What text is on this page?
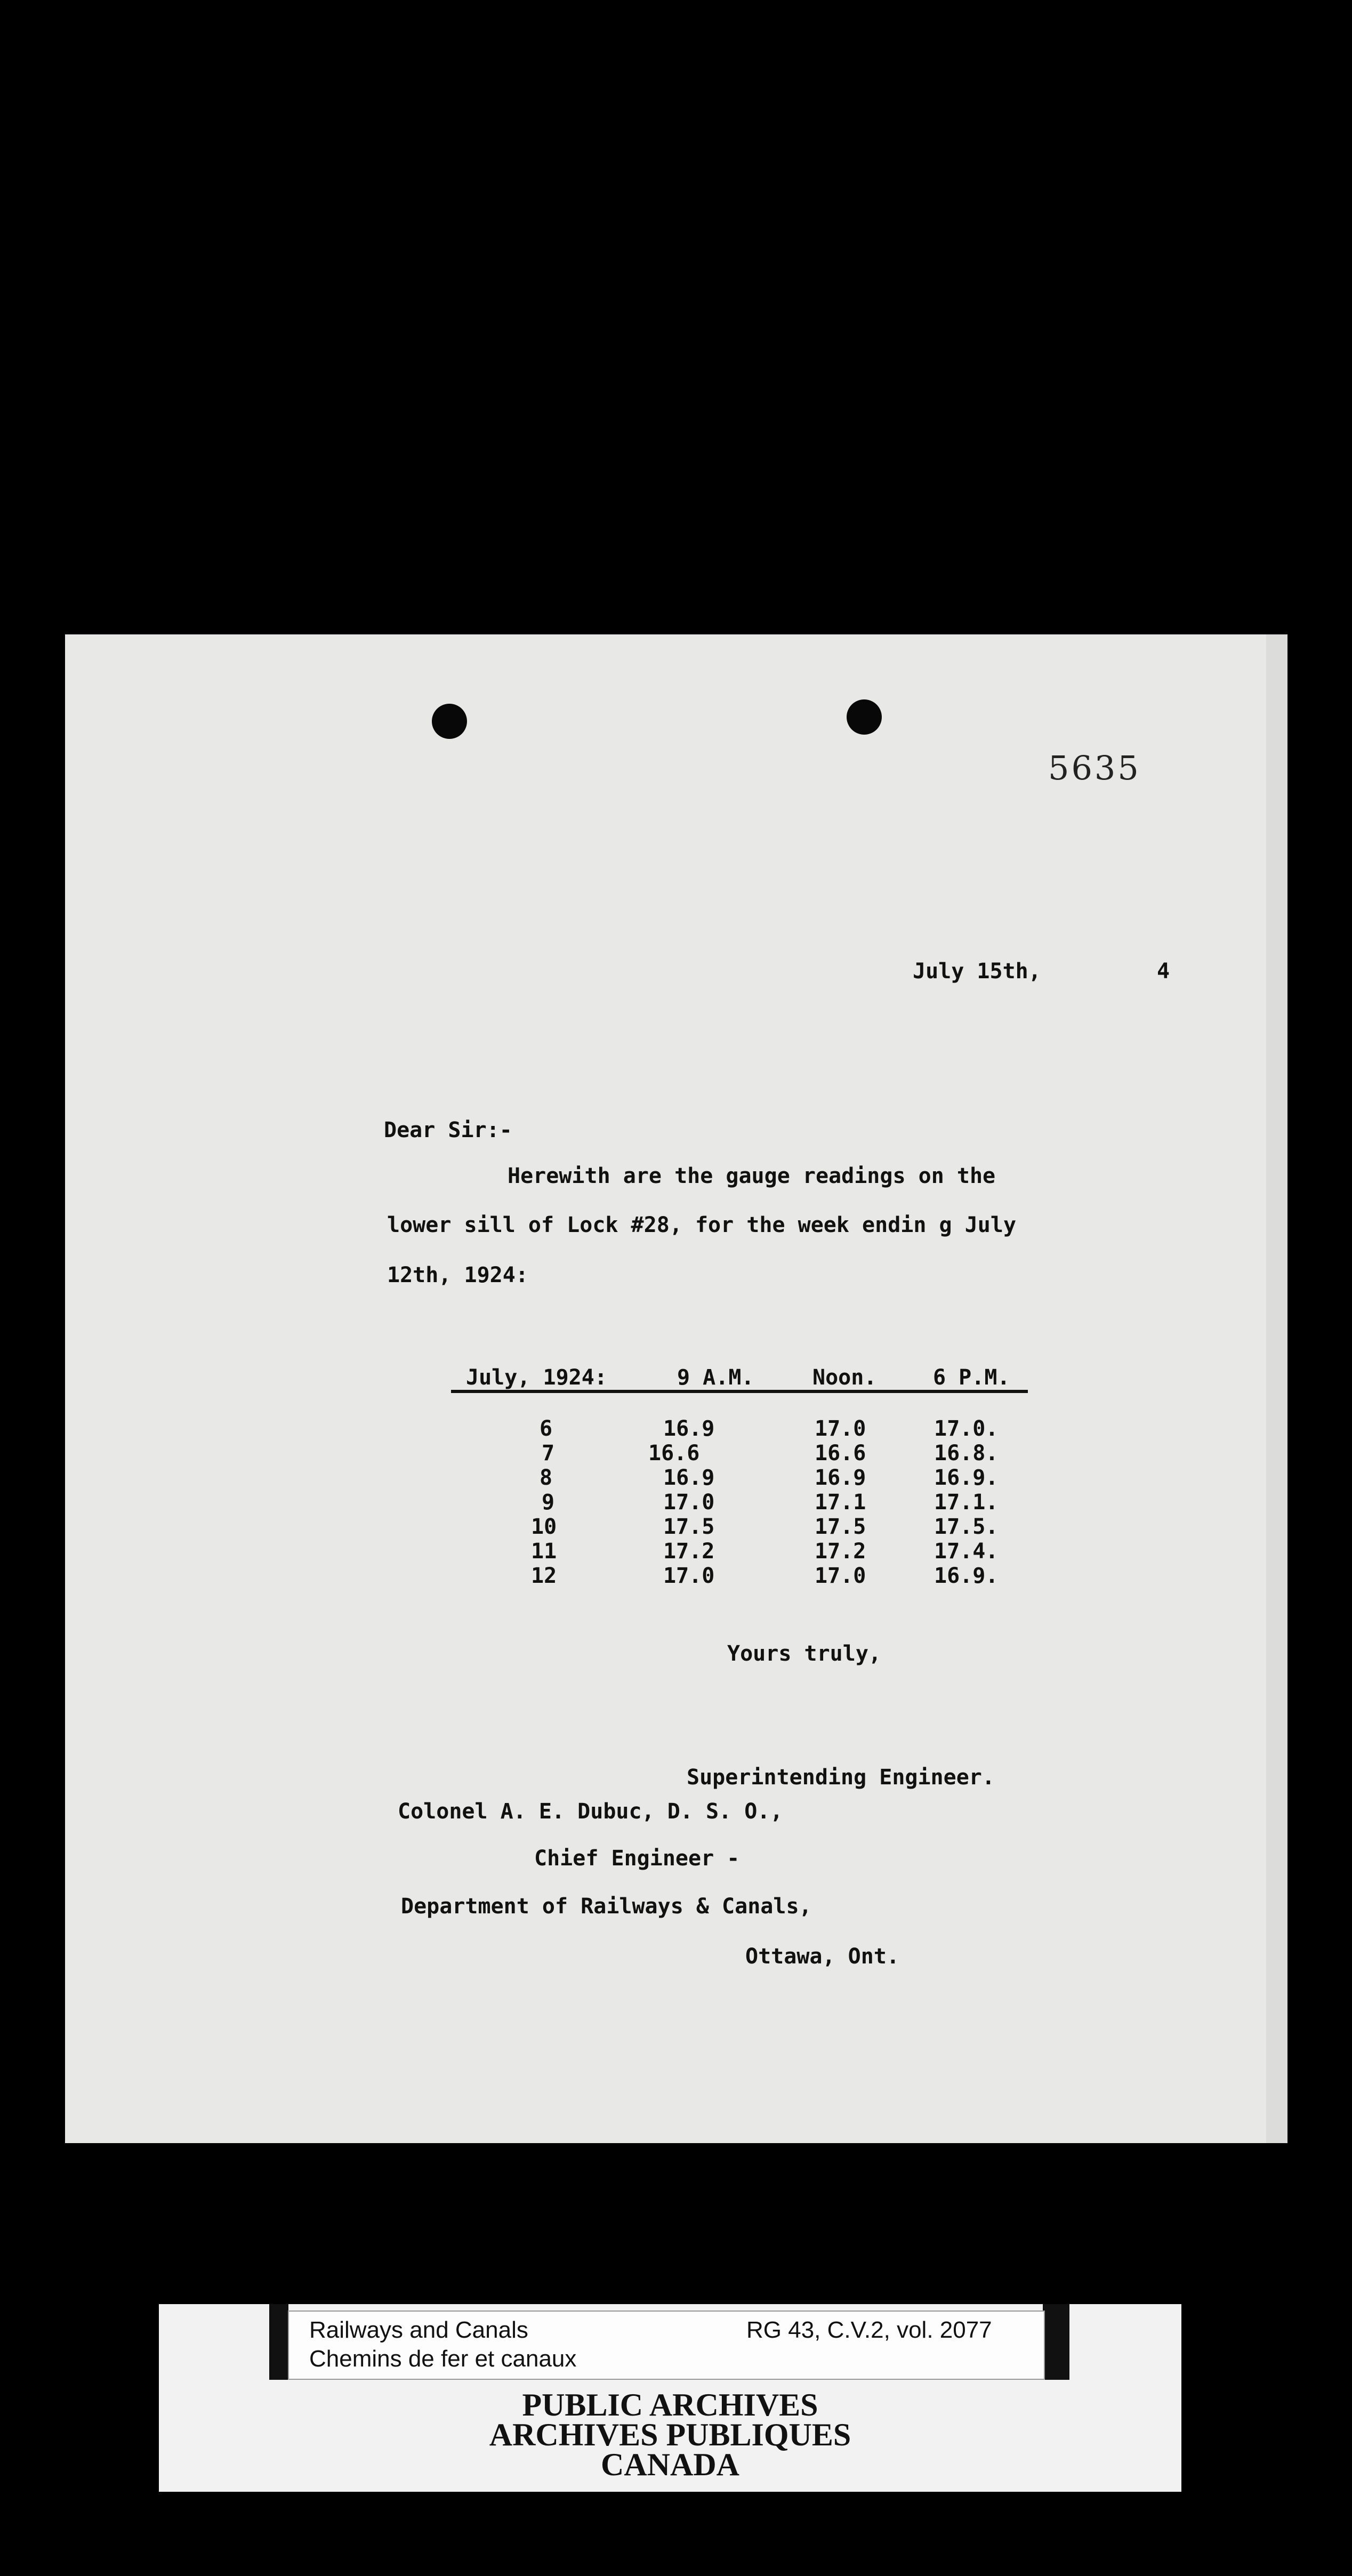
5635
July 15th,	4
Dear Sir:-
Herewith are the gauge readings on the
lower sill of Lock #28, for the week endin g July
12th, 1924:
July, 1924:	9 A.M.	Noon.	6 P.M.
6	16.9	17.0	17.0.
7	16.6	16.6	16.8.
8	16.9	16.9	16.9.
9	17.0	17.1	17.1.
10	17.5	17.5	17.5.
11	17.2	17.2	17.4.
12	17.0	17.0	16.9.
Yours truly,
Superintending Engineer.
Colonel A. E. Dubuc, D. S. O.,
Chief Engineer -
Department of Railways & Canals,
Ottawa, Ont.
Railways and Canals
Chemins de fer et canaux
RG 43, C.V.2, vol. 2077
PUBLIC ARCHIVES
ARCHIVES PUBLIQUES
CANADA
